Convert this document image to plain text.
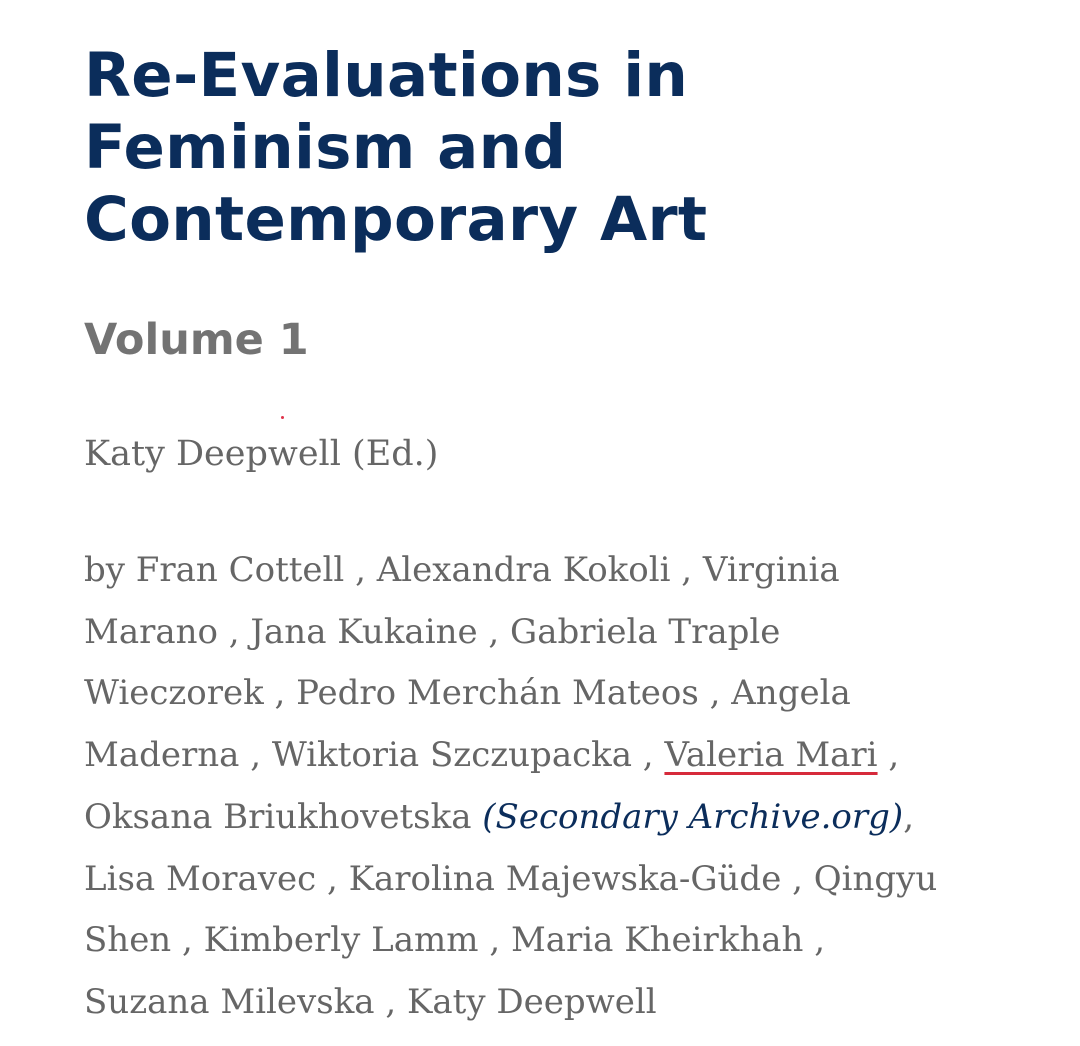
Re-Evaluations in
Feminism and
Contemporary Art
Volume 1

Katy Deepwell (Ed.)

by Fran Cottell , Alexandra Kokoli , Virginia
Marano , Jana Kukaine , Gabriela Traple
Wieczorek , Pedro Merchán Mateos , Angela
Maderna , Wiktoria Szczupacka , Valeria Mari ,
Oksana Briukhovetska (Secondary Archive.org),
Lisa Moravec , Karolina Majewska-Güde , Qingyu
Shen , Kimberly Lamm , Maria Kheirkhah ,
Suzana Milevska , Katy Deepwell
